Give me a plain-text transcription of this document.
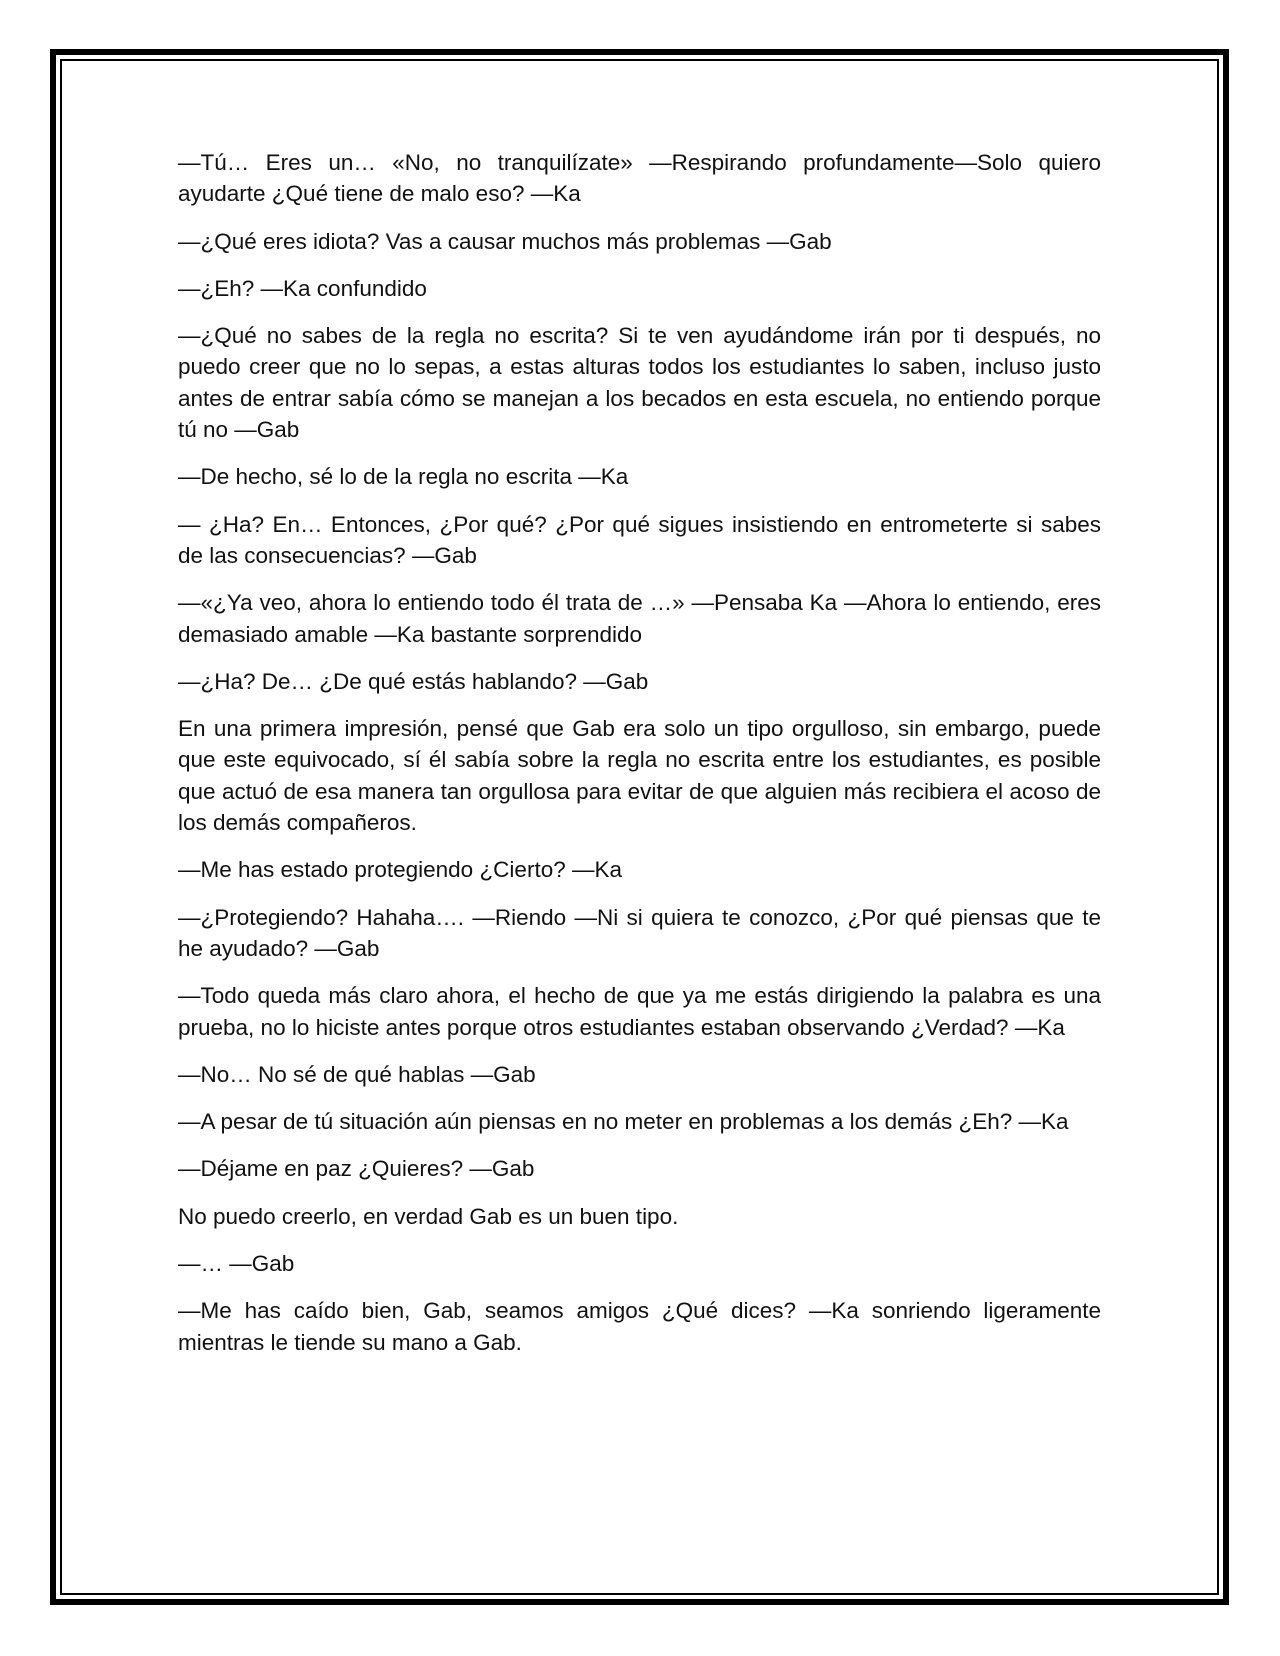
—Tú… Eres un… «No, no tranquilízate» —Respirando profundamente—Solo quiero ayudarte ¿Qué tiene de malo eso? —Ka

—¿Qué eres idiota? Vas a causar muchos más problemas —Gab

—¿Eh? —Ka confundido

—¿Qué no sabes de la regla no escrita? Si te ven ayudándome irán por ti después, no puedo creer que no lo sepas, a estas alturas todos los estudiantes lo saben, incluso justo antes de entrar sabía cómo se manejan a los becados en esta escuela, no entiendo porque tú no —Gab

—De hecho, sé lo de la regla no escrita —Ka

— ¿Ha? En… Entonces, ¿Por qué? ¿Por qué sigues insistiendo en entrometerte si sabes de las consecuencias? —Gab

—«¿Ya veo, ahora lo entiendo todo él trata de …» —Pensaba Ka —Ahora lo entiendo, eres demasiado amable —Ka bastante sorprendido

—¿Ha? De… ¿De qué estás hablando? —Gab

En una primera impresión, pensé que Gab era solo un tipo orgulloso, sin embargo, puede que este equivocado, sí él sabía sobre la regla no escrita entre los estudiantes, es posible que actuó de esa manera tan orgullosa para evitar de que alguien más recibiera el acoso de los demás compañeros.

—Me has estado protegiendo ¿Cierto? —Ka

—¿Protegiendo? Hahaha…. —Riendo —Ni si quiera te conozco, ¿Por qué piensas que te he ayudado? —Gab

—Todo queda más claro ahora, el hecho de que ya me estás dirigiendo la palabra es una prueba, no lo hiciste antes porque otros estudiantes estaban observando ¿Verdad? —Ka

—No… No sé de qué hablas —Gab

—A pesar de tú situación aún piensas en no meter en problemas a los demás ¿Eh? —Ka

—Déjame en paz ¿Quieres? —Gab

No puedo creerlo, en verdad Gab es un buen tipo.

—… —Gab

—Me has caído bien, Gab, seamos amigos ¿Qué dices? —Ka sonriendo ligeramente mientras le tiende su mano a Gab.
